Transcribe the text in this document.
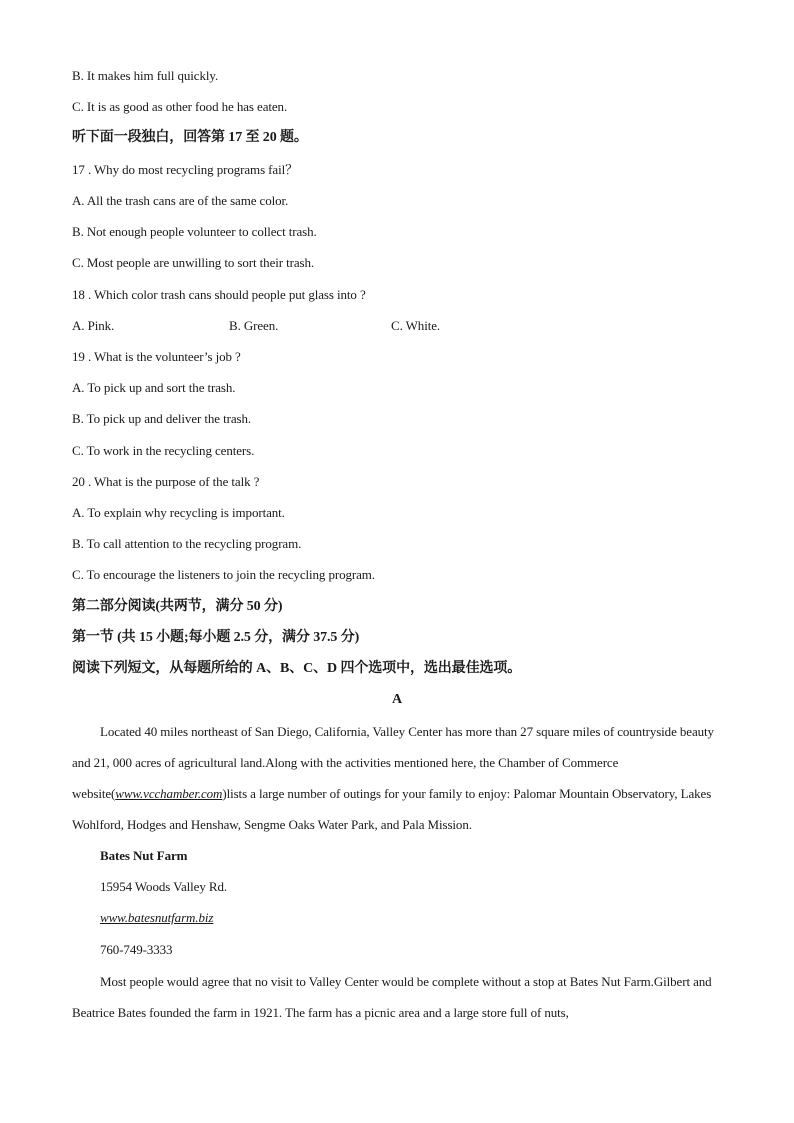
B. It makes him full quickly.
C. It is as good as other food he has eaten.
听下面一段独白，回答第 17 至 20 题。
17 . Why do most recycling programs fail？
A. All the trash cans are of the same color.
B. Not enough people volunteer to collect trash.
C. Most people are unwilling to sort their trash.
18 . Which color trash cans should people put glass into ?
A. Pink.	B. Green.	C. White.
19 . What is the volunteer’s job ?
A. To pick up and sort the trash.
B. To pick up and deliver the trash.
C. To work in the recycling centers.
20 . What is the purpose of the talk ?
A. To explain why recycling is important.
B. To call attention to the recycling program.
C. To encourage the listeners to join the recycling program.
第二部分阅读(共两节，满分 50 分)
第一节 (共 15 小题;每小题 2.5 分，满分 37.5 分)
阅读下列短文，从每题所给的 A、B、C、D 四个选项中，选出最佳选项。
A
Located 40 miles northeast of San Diego, California, Valley Center has more than 27 square miles of countryside beauty and 21, 000 acres of agricultural land.Along with the activities mentioned here, the Chamber of Commerce website(www.vcchamber.com)lists a large number of outings for your family to enjoy: Palomar Mountain Observatory, Lakes Wohlford, Hodges and Henshaw, Sengme Oaks Water Park, and Pala Mission.
Bates Nut Farm
15954 Woods Valley Rd.
www.batesnutfarm.biz
760-749-3333
Most people would agree that no visit to Valley Center would be complete without a stop at Bates Nut Farm.Gilbert and Beatrice Bates founded the farm in 1921. The farm has a picnic area and a large store full of nuts,
